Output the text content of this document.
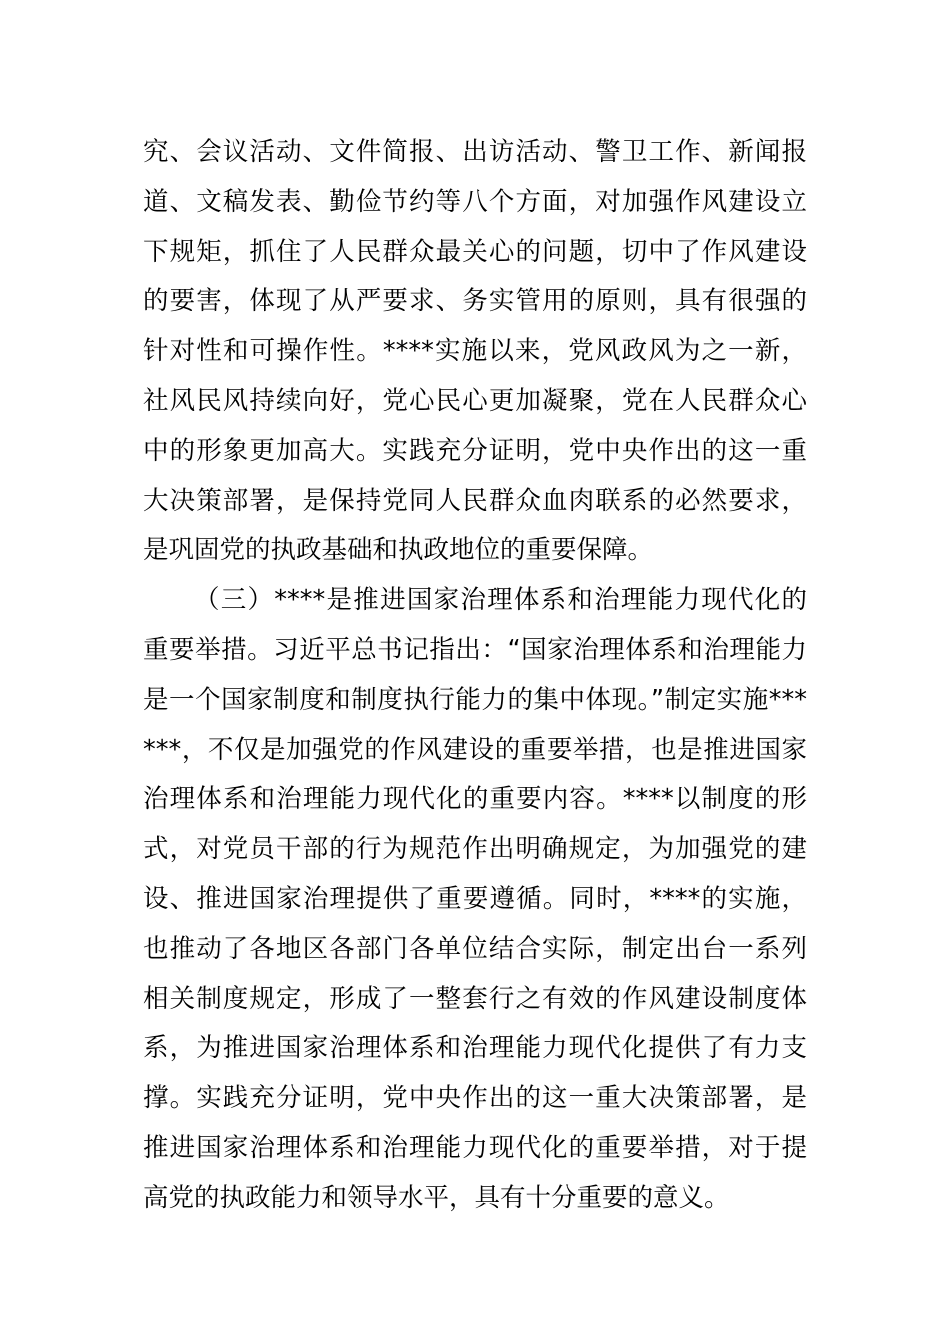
究、会议活动、文件简报、出访活动、警卫工作、新闻报
道、文稿发表、勤俭节约等八个方面，对加强作风建设立
下规矩，抓住了人民群众最关心的问题，切中了作风建设
的要害，体现了从严要求、务实管用的原则，具有很强的
针对性和可操作性。****实施以来，党风政风为之一新，
社风民风持续向好，党心民心更加凝聚，党在人民群众心
中的形象更加高大。实践充分证明，党中央作出的这一重
大决策部署，是保持党同人民群众血肉联系的必然要求，
是巩固党的执政基础和执政地位的重要保障。
（三）****是推进国家治理体系和治理能力现代化的
重要举措。习近平总书记指出：“国家治理体系和治理能力
是一个国家制度和制度执行能力的集中体现。”制定实施***
***，不仅是加强党的作风建设的重要举措，也是推进国家
治理体系和治理能力现代化的重要内容。****以制度的形
式，对党员干部的行为规范作出明确规定，为加强党的建
设、推进国家治理提供了重要遵循。同时，****的实施，
也推动了各地区各部门各单位结合实际，制定出台一系列
相关制度规定，形成了一整套行之有效的作风建设制度体
系，为推进国家治理体系和治理能力现代化提供了有力支
撑。实践充分证明，党中央作出的这一重大决策部署，是
推进国家治理体系和治理能力现代化的重要举措，对于提
高党的执政能力和领导水平，具有十分重要的意义。
